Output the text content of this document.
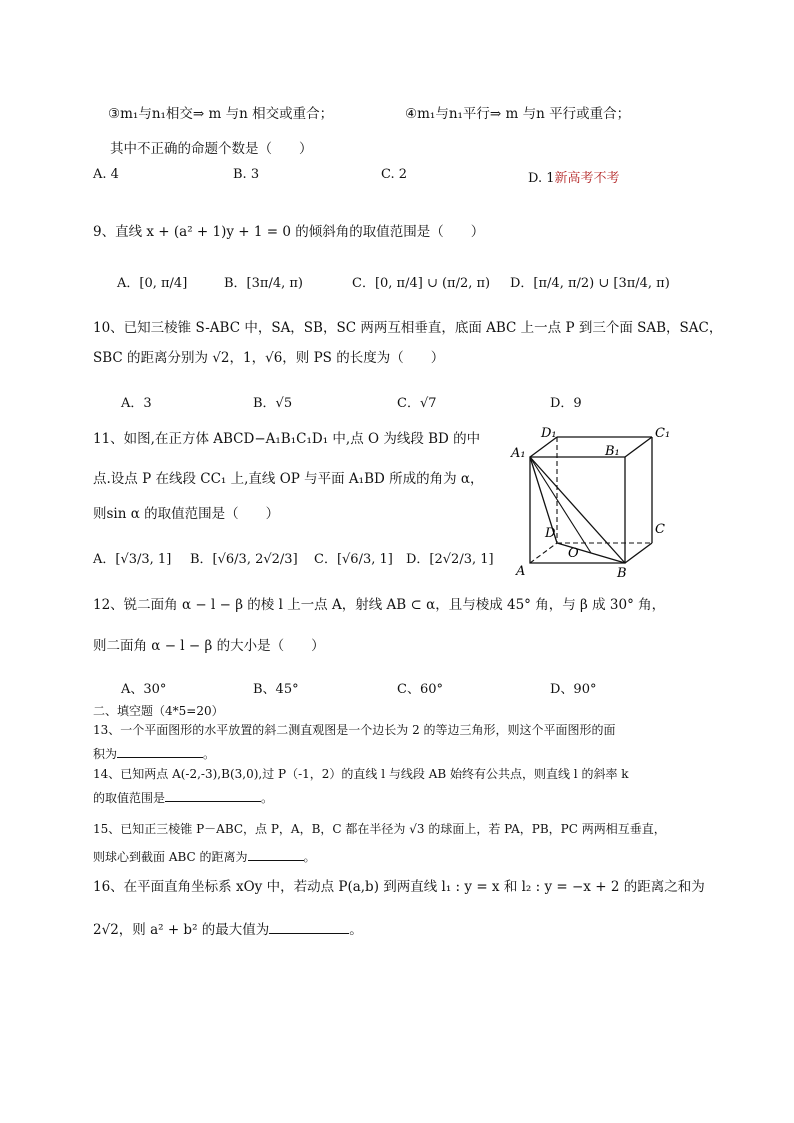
③m₁与n₁相交⇒ m 与n 相交或重合；	④m₁与n₁平行⇒ m 与n 平行或重合；
其中不正确的命题个数是（　　）
A. 4	B. 3	C. 2	D. 1新高考不考
9、直线 x + (a² + 1)y + 1 = 0 的倾斜角的取值范围是（　　）
A．[0, π/4]	B．[3π/4, π)	C．[0, π/4] ∪ (π/2, π) D．[π/4, π/2) ∪ [3π/4, π)
10、已知三棱锥 S-ABC 中，SA，SB，SC 两两互相垂直，底面 ABC 上一点 P 到三个面 SAB，SAC，
SBC 的距离分别为 √2，1，√6，则 PS 的长度为（　　）
A．3	B．√5	C．√7	D．9
11、如图,在正方体 ABCD−A₁B₁C₁D₁ 中,点 O 为线段 BD 的中
点.设点 P 在线段 CC₁ 上,直线 OP 与平面 A₁BD 所成的角为 α，
则sin α 的取值范围是（　　）
A．[√3/3, 1] B．[√6/3, 2√2/3] C．[√6/3, 1] D．[2√2/3, 1]
D₁	C₁
A₁	B₁
D	C
O
A	B
12、锐二面角 α − l − β 的棱 l 上一点 A，射线 AB ⊂ α，且与棱成 45° 角，与 β 成 30° 角，
则二面角 α − l − β 的大小是（　　）
A、30°	B、45°	C、60°	D、90°
二、填空题（4*5=20）
13、一个平面图形的水平放置的斜二测直观图是一个边长为 2 的等边三角形，则这个平面图形的面
积为	。
14、已知两点 A(-2,-3),B(3,0),过 P（-1，2）的直线 l 与线段 AB 始终有公共点，则直线 l 的斜率 k
的取值范围是	。
15、已知正三棱锥 P－ABC，点 P，A，B，C 都在半径为 √3 的球面上，若 PA，PB，PC 两两相互垂直，
则球心到截面 ABC 的距离为	。
16、在平面直角坐标系 xOy 中，若动点 P(a,b) 到两直线 l₁ : y = x 和 l₂ : y = −x + 2 的距离之和为
2√2，则 a² + b² 的最大值为	。
